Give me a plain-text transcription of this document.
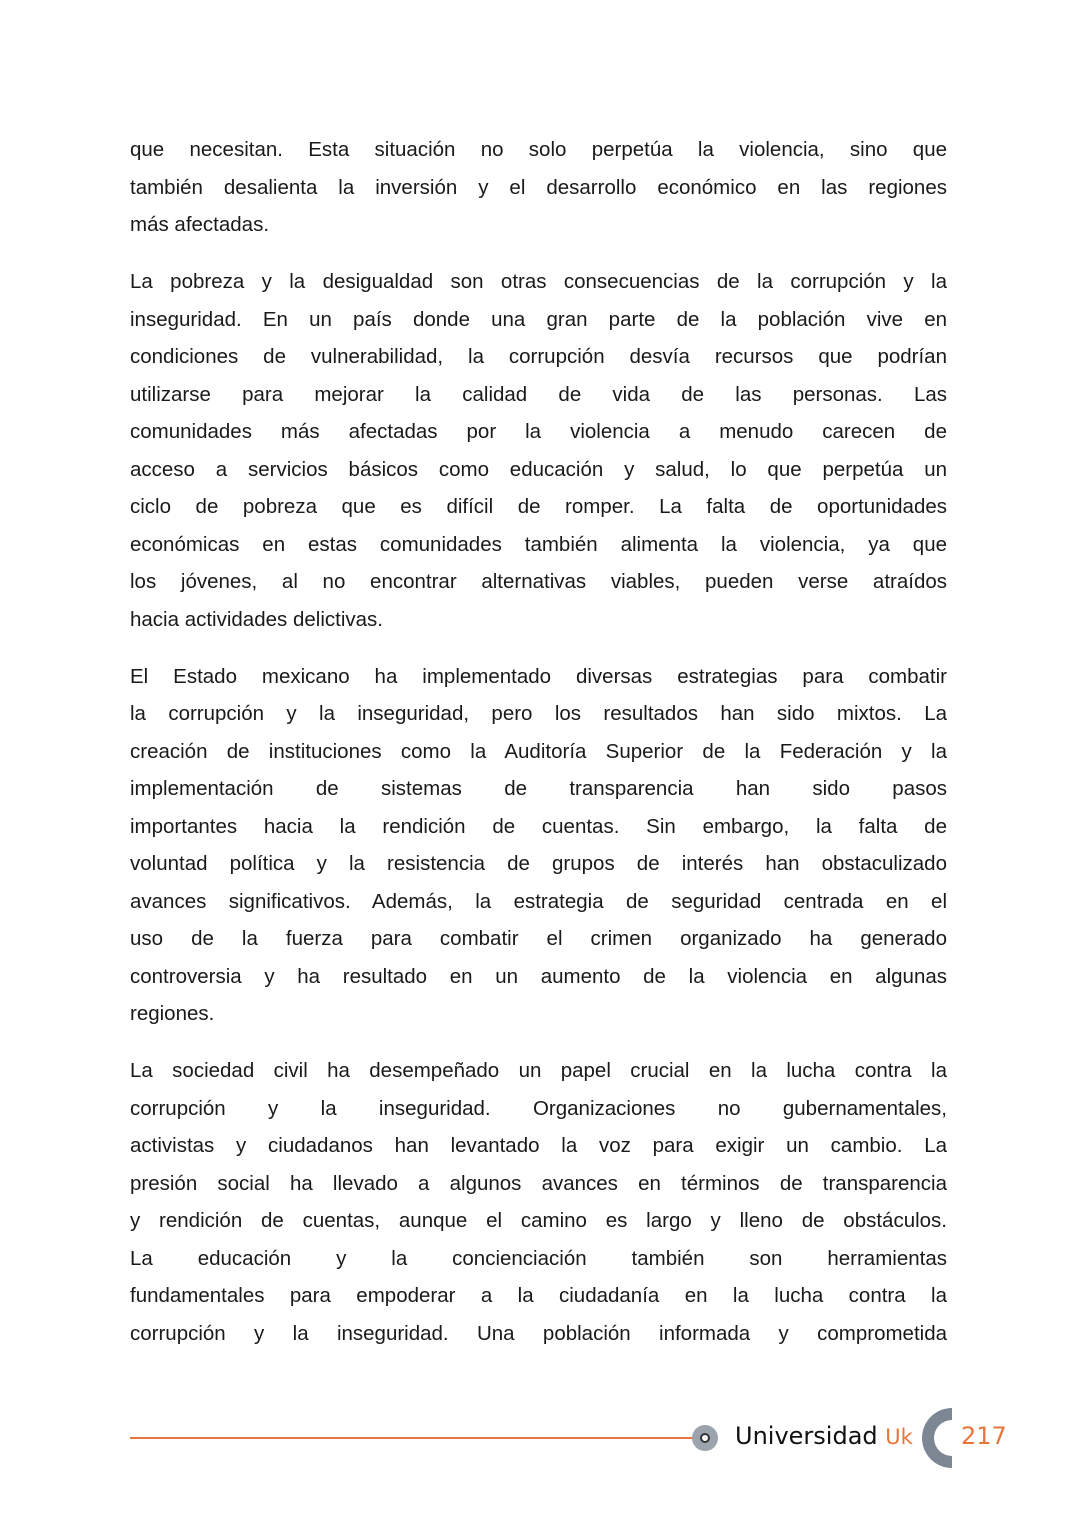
que necesitan. Esta situación no solo perpetúa la violencia, sino que
también desalienta la inversión y el desarrollo económico en las regiones
más afectadas.
La pobreza y la desigualdad son otras consecuencias de la corrupción y la
inseguridad. En un país donde una gran parte de la población vive en
condiciones de vulnerabilidad, la corrupción desvía recursos que podrían
utilizarse para mejorar la calidad de vida de las personas. Las
comunidades más afectadas por la violencia a menudo carecen de
acceso a servicios básicos como educación y salud, lo que perpetúa un
ciclo de pobreza que es difícil de romper. La falta de oportunidades
económicas en estas comunidades también alimenta la violencia, ya que
los jóvenes, al no encontrar alternativas viables, pueden verse atraídos
hacia actividades delictivas.
El Estado mexicano ha implementado diversas estrategias para combatir
la corrupción y la inseguridad, pero los resultados han sido mixtos. La
creación de instituciones como la Auditoría Superior de la Federación y la
implementación de sistemas de transparencia han sido pasos
importantes hacia la rendición de cuentas. Sin embargo, la falta de
voluntad política y la resistencia de grupos de interés han obstaculizado
avances significativos. Además, la estrategia de seguridad centrada en el
uso de la fuerza para combatir el crimen organizado ha generado
controversia y ha resultado en un aumento de la violencia en algunas
regiones.
La sociedad civil ha desempeñado un papel crucial en la lucha contra la
corrupción y la inseguridad. Organizaciones no gubernamentales,
activistas y ciudadanos han levantado la voz para exigir un cambio. La
presión social ha llevado a algunos avances en términos de transparencia
y rendición de cuentas, aunque el camino es largo y lleno de obstáculos.
La educación y la concienciación también son herramientas
fundamentales para empoderar a la ciudadanía en la lucha contra la
corrupción y la inseguridad. Una población informada y comprometida
Universidad Uk 217
